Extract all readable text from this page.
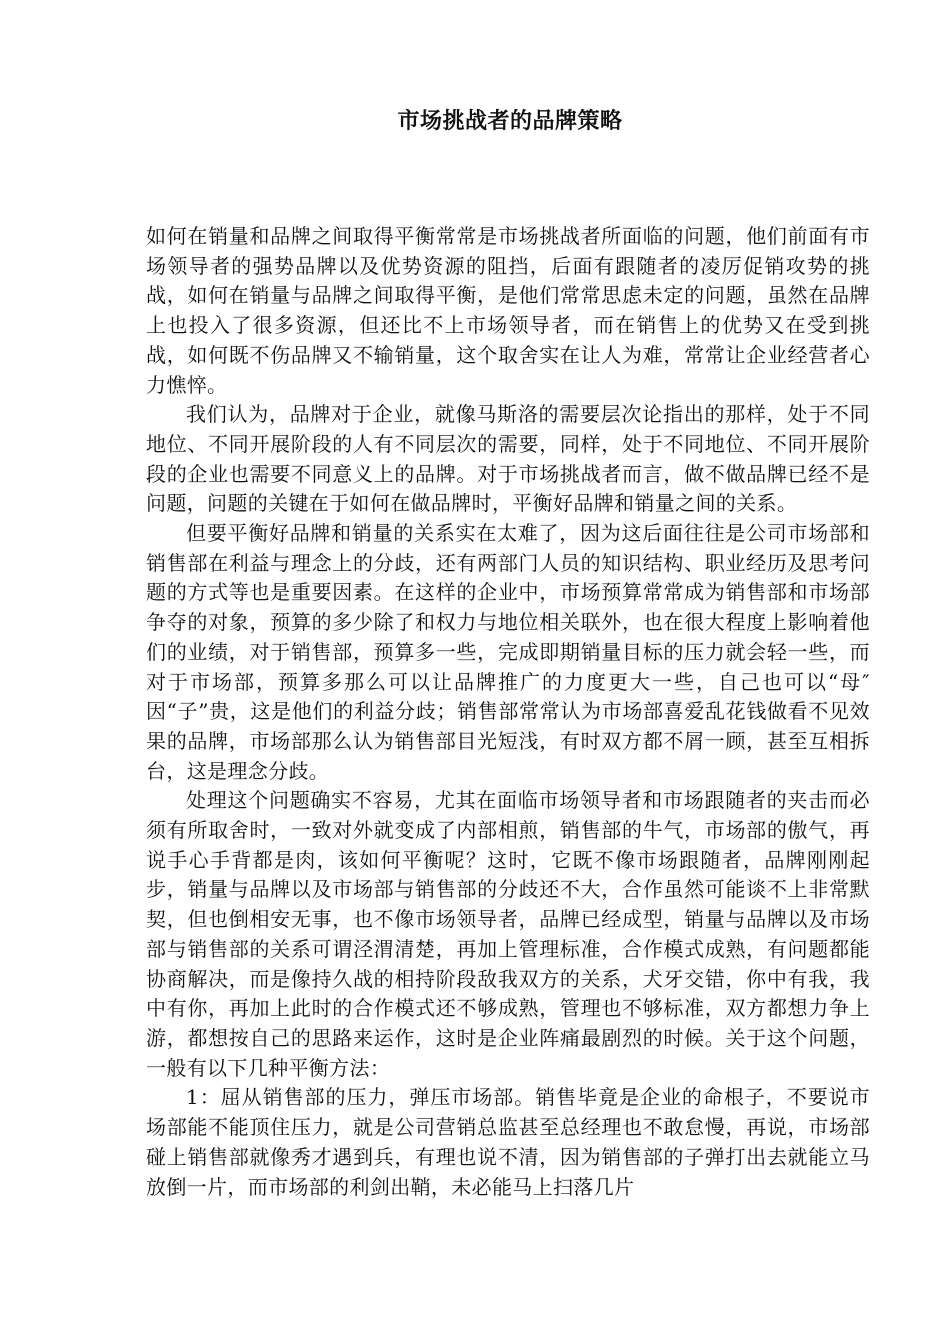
市场挑战者的品牌策略

如何在销量和品牌之间取得平衡常常是市场挑战者所面临的问题，他们前面有市场领导者的强势品牌以及优势资源的阻挡，后面有跟随者的凌厉促销攻势的挑战，如何在销量与品牌之间取得平衡，是他们常常思虑未定的问题，虽然在品牌上也投入了很多资源，但还比不上市场领导者，而在销售上的优势又在受到挑战，如何既不伤品牌又不输销量，这个取舍实在让人为难，常常让企业经营者心力憔悴。

我们认为，品牌对于企业，就像马斯洛的需要层次论指出的那样，处于不同地位、不同开展阶段的人有不同层次的需要，同样，处于不同地位、不同开展阶段的企业也需要不同意义上的品牌。对于市场挑战者而言，做不做品牌已经不是问题，问题的关键在于如何在做品牌时，平衡好品牌和销量之间的关系。

但要平衡好品牌和销量的关系实在太难了，因为这后面往往是公司市场部和销售部在利益与理念上的分歧，还有两部门人员的知识结构、职业经历及思考问题的方式等也是重要因素。在这样的企业中，市场预算常常成为销售部和市场部争夺的对象，预算的多少除了和权力与地位相关联外，也在很大程度上影响着他们的业绩，对于销售部，预算多一些，完成即期销量目标的压力就会轻一些，而对于市场部，预算多那么可以让品牌推广的力度更大一些，自己也可以“母″因“子”贵，这是他们的利益分歧；销售部常常认为市场部喜爱乱花钱做看不见效果的品牌，市场部那么认为销售部目光短浅，有时双方都不屑一顾，甚至互相拆台，这是理念分歧。

处理这个问题确实不容易，尤其在面临市场领导者和市场跟随者的夹击而必须有所取舍时，一致对外就变成了内部相煎，销售部的牛气，市场部的傲气，再说手心手背都是肉，该如何平衡呢？这时，它既不像市场跟随者，品牌刚刚起步，销量与品牌以及市场部与销售部的分歧还不大，合作虽然可能谈不上非常默契，但也倒相安无事，也不像市场领导者，品牌已经成型，销量与品牌以及市场部与销售部的关系可谓泾渭清楚，再加上管理标准，合作模式成熟，有问题都能协商解决，而是像持久战的相持阶段敌我双方的关系，犬牙交错，你中有我，我中有你，再加上此时的合作模式还不够成熟，管理也不够标准，双方都想力争上游，都想按自己的思路来运作，这时是企业阵痛最剧烈的时候。关于这个问题，一般有以下几种平衡方法：

1：屈从销售部的压力，弹压市场部。销售毕竟是企业的命根子，不要说市场部能不能顶住压力，就是公司营销总监甚至总经理也不敢怠慢，再说，市场部碰上销售部就像秀才遇到兵，有理也说不清，因为销售部的子弹打出去就能立马放倒一片，而市场部的利剑出鞘，未必能马上扫落几片
